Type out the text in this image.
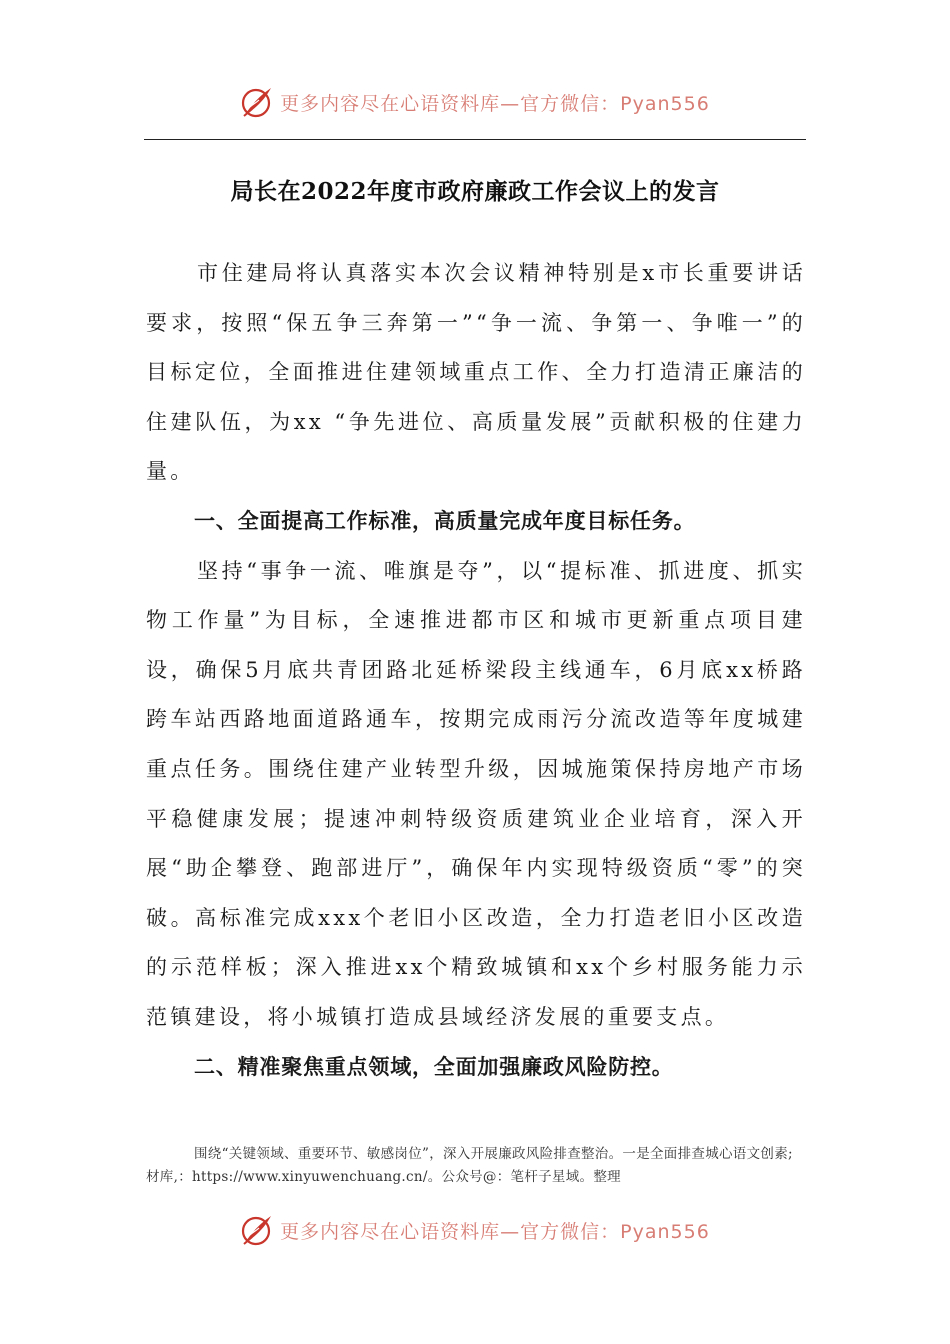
更多内容尽在心语资料库—官方微信：Pyan556
局长在2022年度市政府廉政工作会议上的发言

市住建局将认真落实本次会议精神特别是x市长重要讲话要求，按照“保五争三奔第一”“争一流、争第一、争唯一”的目标定位，全面推进住建领域重点工作、全力打造清正廉洁的住建队伍，为xx “争先进位、高质量发展”贡献积极的住建力量。

一、全面提高工作标准，高质量完成年度目标任务。

坚持“事争一流、唯旗是夺”，以“提标准、抓进度、抓实物工作量”为目标，全速推进都市区和城市更新重点项目建设，确保5月底共青团路北延桥梁段主线通车，6月底xx桥路跨车站西路地面道路通车，按期完成雨污分流改造等年度城建重点任务。围绕住建产业转型升级，因城施策保持房地产市场平稳健康发展；提速冲刺特级资质建筑业企业培育，深入开展“助企攀登、跑部进厅”，确保年内实现特级资质“零”的突破。高标准完成xxx个老旧小区改造，全力打造老旧小区改造的示范样板；深入推进xx个精致城镇和xx个乡村服务能力示范镇建设，将小城镇打造成县域经济发展的重要支点。

二、精准聚焦重点领域，全面加强廉政风险防控。

围绕“关键领域、重要环节、敏感岗位”，深入开展廉政风险排查整治。一是全面排查城心语文创素;材库,：https://www.xinyuwenchuang.cn/。公众号@：笔杆子星域。整理

更多内容尽在心语资料库—官方微信：Pyan556
